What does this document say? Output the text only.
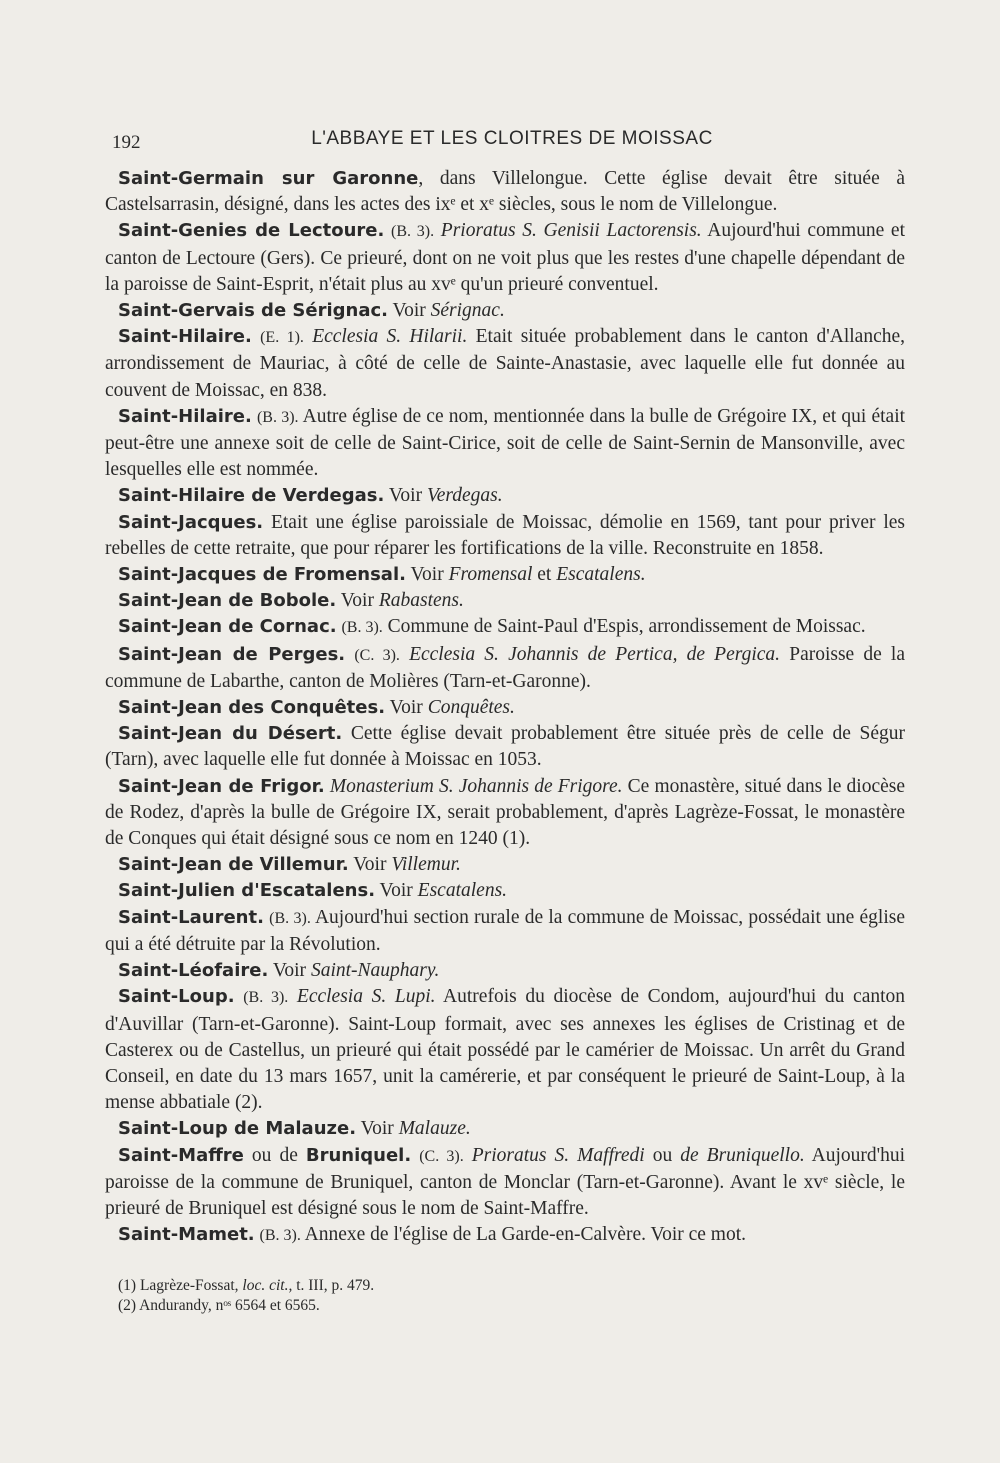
192	L'ABBAYE ET LES CLOITRES DE MOISSAC

Saint-Germain sur Garonne, dans Villelongue. Cette église devait être située à Castelsarrasin, désigné, dans les actes des ixᵉ et xᵉ siècles, sous le nom de Villelongue.

Saint-Genies de Lectoure. (B. 3). Prioratus S. Genisii Lactorensis. Aujourd'hui commune et canton de Lectoure (Gers). Ce prieuré, dont on ne voit plus que les restes d'une chapelle dépendant de la paroisse de Saint-Esprit, n'était plus au xvᵉ qu'un prieuré conventuel.

Saint-Gervais de Sérignac. Voir Sérignac.

Saint-Hilaire. (E. 1). Ecclesia S. Hilarii. Etait située probablement dans le canton d'Allanche, arrondissement de Mauriac, à côté de celle de Sainte-Anastasie, avec laquelle elle fut donnée au couvent de Moissac, en 838.

Saint-Hilaire. (B. 3). Autre église de ce nom, mentionnée dans la bulle de Grégoire IX, et qui était peut-être une annexe soit de celle de Saint-Cirice, soit de celle de Saint-Sernin de Mansonville, avec lesquelles elle est nommée.

Saint-Hilaire de Verdegas. Voir Verdegas.

Saint-Jacques. Etait une église paroissiale de Moissac, démolie en 1569, tant pour priver les rebelles de cette retraite, que pour réparer les fortifications de la ville. Reconstruite en 1858.

Saint-Jacques de Fromensal. Voir Fromensal et Escatalens.

Saint-Jean de Bobole. Voir Rabastens.

Saint-Jean de Cornac. (B. 3). Commune de Saint-Paul d'Espis, arrondissement de Moissac.

Saint-Jean de Perges. (C. 3). Ecclesia S. Johannis de Pertica, de Pergica. Paroisse de la commune de Labarthe, canton de Molières (Tarn-et-Garonne).

Saint-Jean des Conquêtes. Voir Conquêtes.

Saint-Jean du Désert. Cette église devait probablement être située près de celle de Ségur (Tarn), avec laquelle elle fut donnée à Moissac en 1053.

Saint-Jean de Frigor. Monasterium S. Johannis de Frigore. Ce monastère, situé dans le diocèse de Rodez, d'après la bulle de Grégoire IX, serait probablement, d'après Lagrèze-Fossat, le monastère de Conques qui était désigné sous ce nom en 1240 (1).

Saint-Jean de Villemur. Voir Villemur.

Saint-Julien d'Escatalens. Voir Escatalens.

Saint-Laurent. (B. 3). Aujourd'hui section rurale de la commune de Moissac, possédait une église qui a été détruite par la Révolution.

Saint-Léofaire. Voir Saint-Nauphary.

Saint-Loup. (B. 3). Ecclesia S. Lupi. Autrefois du diocèse de Condom, aujourd'hui du canton d'Auvillar (Tarn-et-Garonne). Saint-Loup formait, avec ses annexes les églises de Cristinag et de Casterex ou de Castellus, un prieuré qui était possédé par le camérier de Moissac. Un arrêt du Grand Conseil, en date du 13 mars 1657, unit la camérerie, et par conséquent le prieuré de Saint-Loup, à la mense abbatiale (2).

Saint-Loup de Malauze. Voir Malauze.

Saint-Maffre ou de Bruniquel. (C. 3). Prioratus S. Maffredi ou de Bruniquello. Aujourd'hui paroisse de la commune de Bruniquel, canton de Monclar (Tarn-et-Garonne). Avant le xvᵉ siècle, le prieuré de Bruniquel est désigné sous le nom de Saint-Maffre.

Saint-Mamet. (B. 3). Annexe de l'église de La Garde-en-Calvère. Voir ce mot.

(1) Lagrèze-Fossat, loc. cit., t. III, p. 479.

(2) Andurandy, nᵒˢ 6564 et 6565.
